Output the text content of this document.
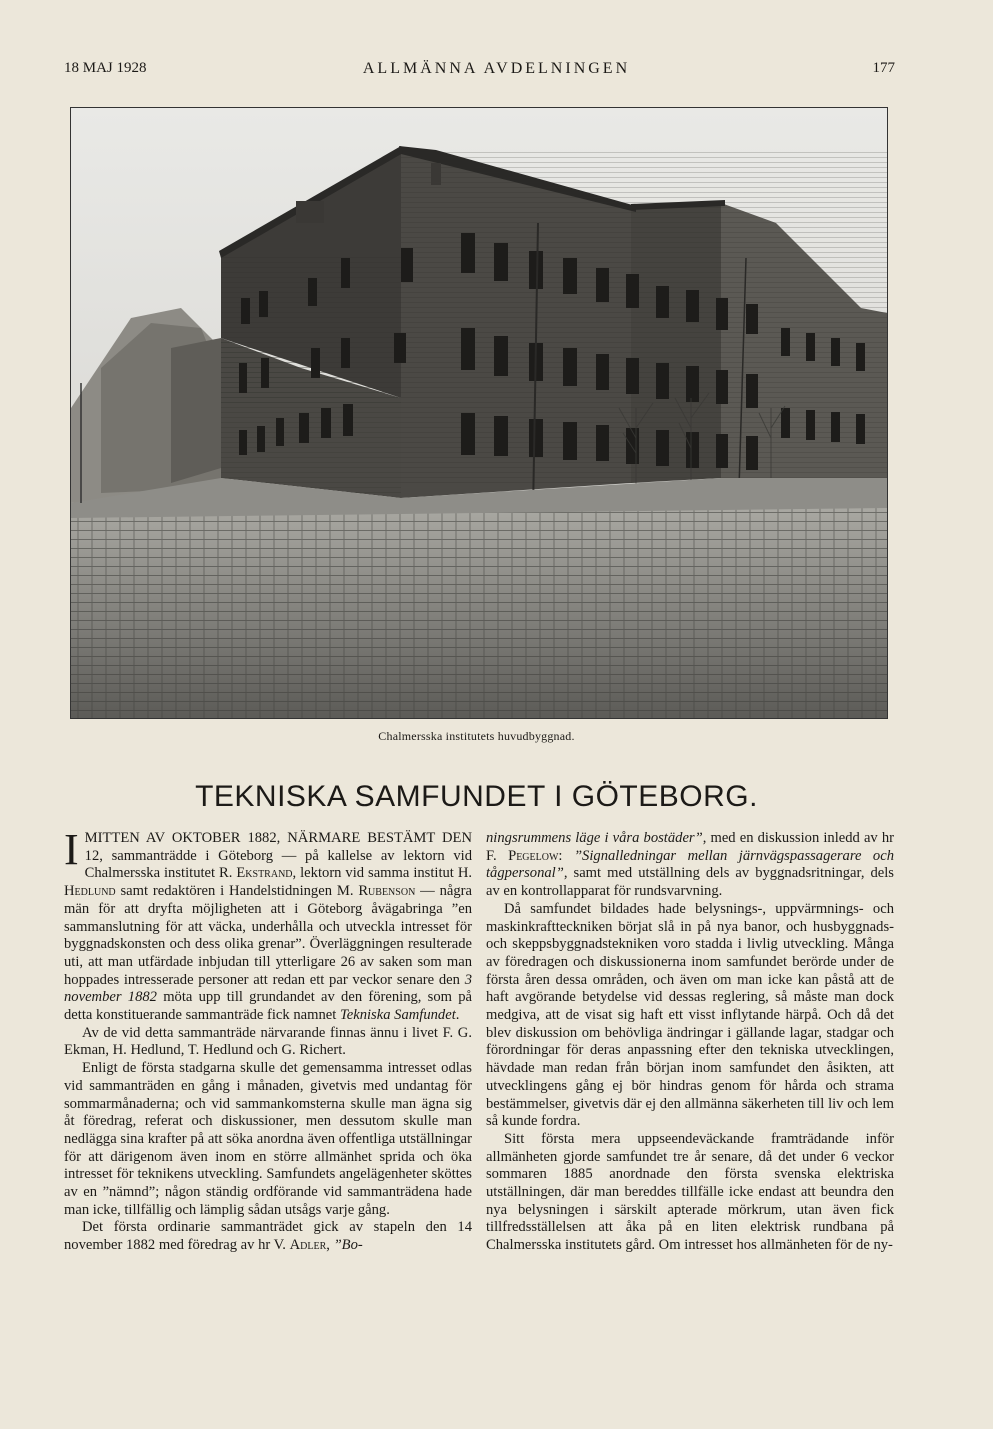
18 MAJ 1928	ALLMÄNNA AVDELNINGEN	177
Chalmersska institutets huvudbyggnad.
TEKNISKA SAMFUNDET I GÖTEBORG.

IMITTEN AV OKTOBER 1882, NÄRMARE BESTÄMT DEN 12, sammanträdde i Göteborg — på kallelse av lektorn vid Chalmersska institutet R. Ekstrand, lektorn vid samma institut H. Hedlund samt redaktören i Handelstidningen M. Rubenson — några män för att dryfta möjligheten att i Göteborg åvägabringa ”en sammanslutning för att väcka, underhålla och utveckla intresset för byggnadskonsten och dess olika grenar”. Överläggningen resulterade uti, att man utfärdade inbjudan till ytterligare 26 av saken som man hoppades intresserade personer att redan ett par veckor senare den 3 november 1882 möta upp till grundandet av den förening, som på detta konstituerande sammanträde fick namnet Tekniska Samfundet.

Av de vid detta sammanträde närvarande finnas ännu i livet F. G. Ekman, H. Hedlund, T. Hedlund och G. Richert.

Enligt de första stadgarna skulle det gemensamma intresset odlas vid sammanträden en gång i månaden, givetvis med undantag för sommarmånaderna; och vid sammankomsterna skulle man ägna sig åt föredrag, referat och diskussioner, men dessutom skulle man nedlägga sina krafter på att söka anordna även offentliga utställningar för att därigenom även inom en större allmänhet sprida och öka intresset för teknikens utveckling. Samfundets angelägenheter sköttes av en ”nämnd”; någon ständig ordförande vid sammanträdena hade man icke, tillfällig och lämplig sådan utsågs varje gång.

Det första ordinarie sammanträdet gick av stapeln den 14 november 1882 med föredrag av hr V. Adler, ”Bo-

ningsrummens läge i våra bostäder”, med en diskussion inledd av hr F. Pegelow: ”Signalledningar mellan järnvägspassagerare och tågpersonal”, samt med utställning dels av byggnadsritningar, dels av en kontrollapparat för rundsvarvning.

Då samfundet bildades hade belysnings-, uppvärmnings- och maskinkraftteckniken börjat slå in på nya banor, och husbyggnads- och skeppsbyggnadstekniken voro stadda i livlig utveckling. Många av föredragen och diskussionerna inom samfundet berörde under de första åren dessa områden, och även om man icke kan påstå att de haft avgörande betydelse vid dessas reglering, så måste man dock medgiva, att de visat sig haft ett visst inflytande härpå. Och då det blev diskussion om behövliga ändringar i gällande lagar, stadgar och förordningar för deras anpassning efter den tekniska utvecklingen, hävdade man redan från början inom samfundet den åsikten, att utvecklingens gång ej bör hindras genom för hårda och strama bestämmelser, givetvis där ej den allmänna säkerheten till liv och lem så kunde fordra.

Sitt första mera uppseendeväckande framträdande inför allmänheten gjorde samfundet tre år senare, då det under 6 veckor sommaren 1885 anordnade den första svenska elektriska utställningen, där man bereddes tillfälle icke endast att beundra den nya belysningen i särskilt apterade mörkrum, utan även fick tillfredsställelsen att åka på en liten elektrisk rundbana på Chalmersska institutets gård. Om intresset hos allmänheten för de ny-
